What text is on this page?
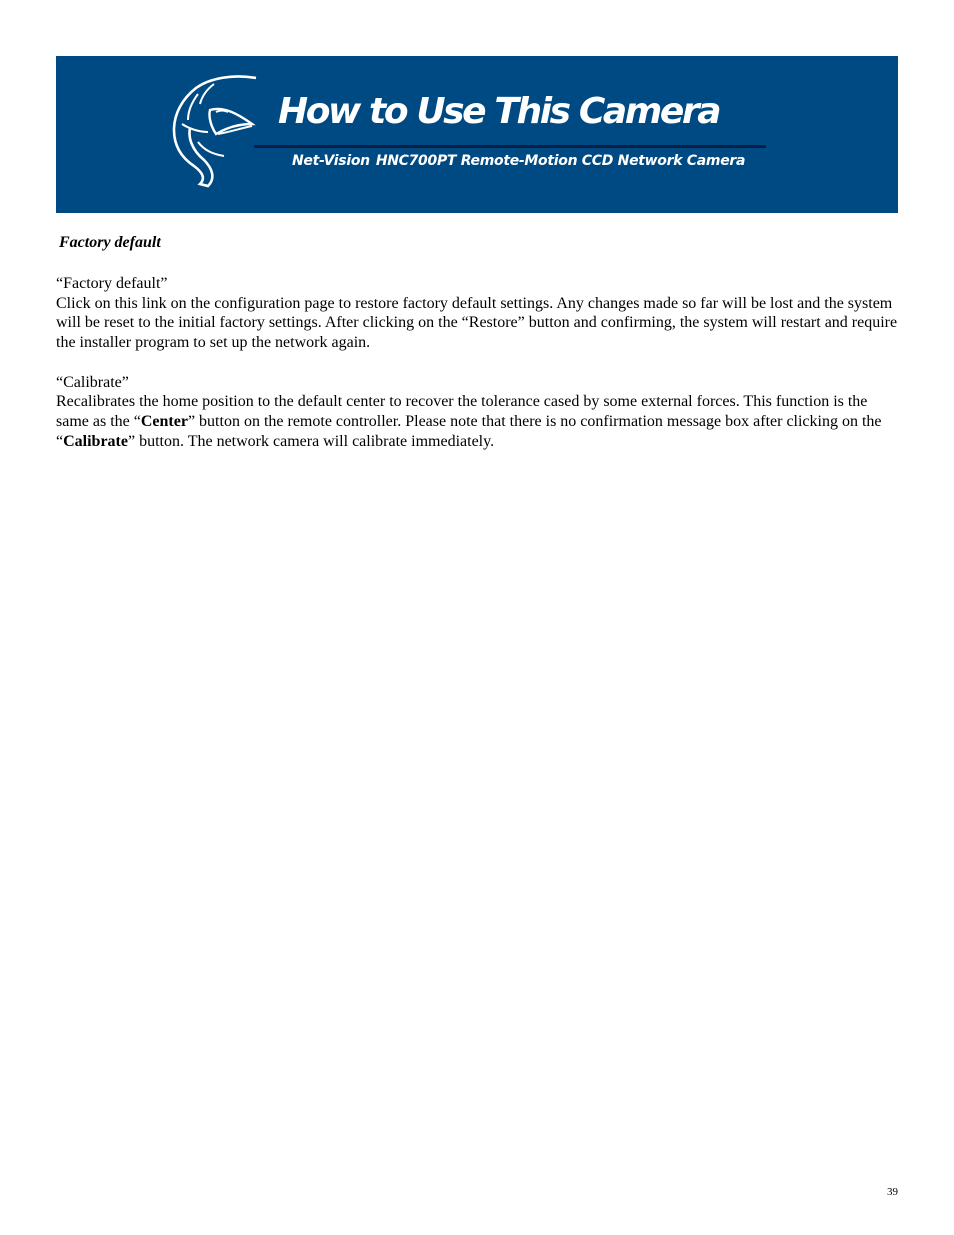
How to Use This Camera
Net-Vision HNC700PT Remote-Motion CCD Network Camera
Factory default

“Factory default”
Click on this link on the configuration page to restore factory default settings. Any changes made so far will be lost and the system will be reset to the initial factory settings. After clicking on the “Restore” button and confirming, the system will restart and require the installer program to set up the network again.

“Calibrate”
Recalibrates the home position to the default center to recover the tolerance cased by some external forces. This function is the same as the “Center” button on the remote controller. Please note that there is no confirmation message box after clicking on the “Calibrate” button. The network camera will calibrate immediately.

39
